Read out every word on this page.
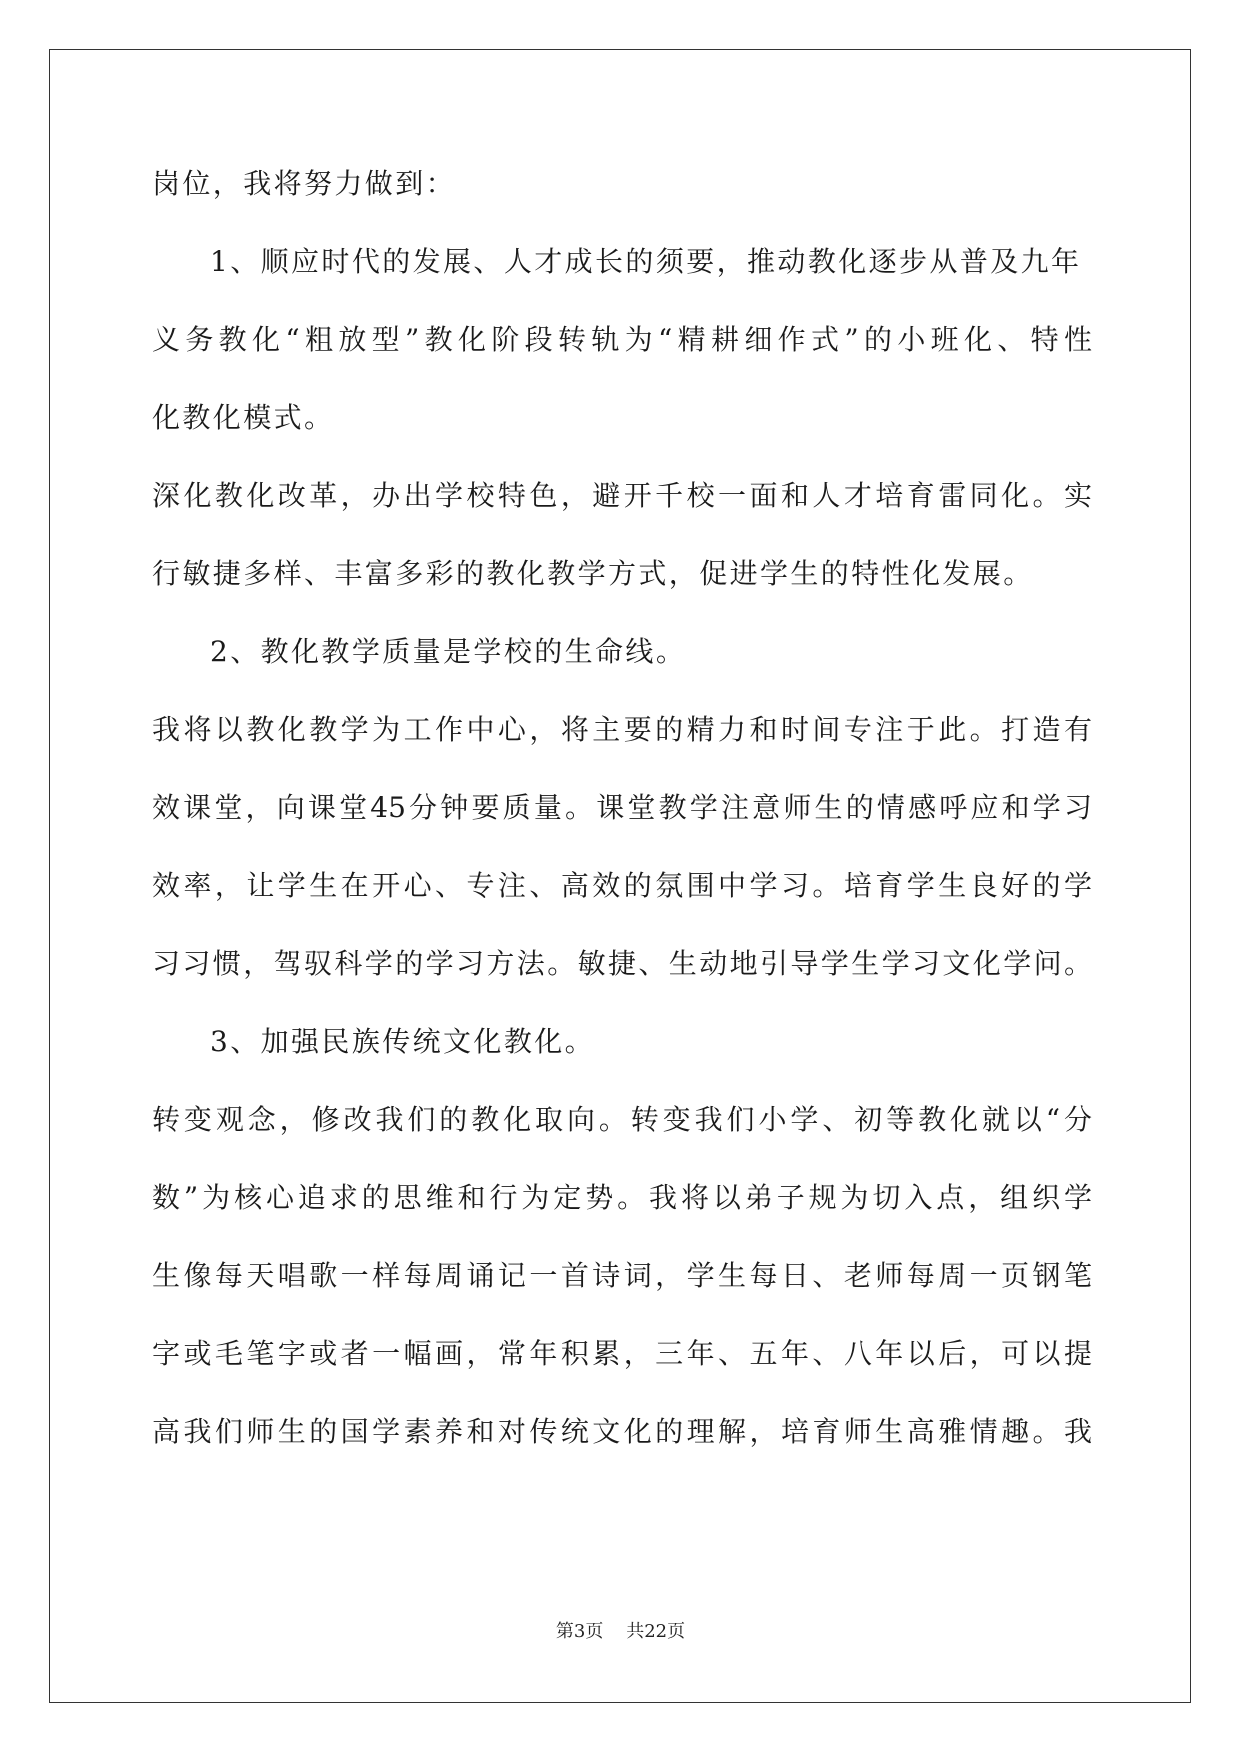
岗位，我将努力做到：
1、顺应时代的发展、人才成长的须要，推动教化逐步从普及九年
义务教化“粗放型”教化阶段转轨为“精耕细作式”的小班化、特性
化教化模式。
深化教化改革，办出学校特色，避开千校一面和人才培育雷同化。实
行敏捷多样、丰富多彩的教化教学方式，促进学生的特性化发展。
2、教化教学质量是学校的生命线。
我将以教化教学为工作中心，将主要的精力和时间专注于此。打造有
效课堂，向课堂45分钟要质量。课堂教学注意师生的情感呼应和学习
效率，让学生在开心、专注、高效的氛围中学习。培育学生良好的学
习习惯，驾驭科学的学习方法。敏捷、生动地引导学生学习文化学问。
3、加强民族传统文化教化。
转变观念，修改我们的教化取向。转变我们小学、初等教化就以“分
数”为核心追求的思维和行为定势。我将以弟子规为切入点，组织学
生像每天唱歌一样每周诵记一首诗词，学生每日、老师每周一页钢笔
字或毛笔字或者一幅画，常年积累，三年、五年、八年以后，可以提
高我们师生的国学素养和对传统文化的理解，培育师生高雅情趣。我
第3页 共22页
